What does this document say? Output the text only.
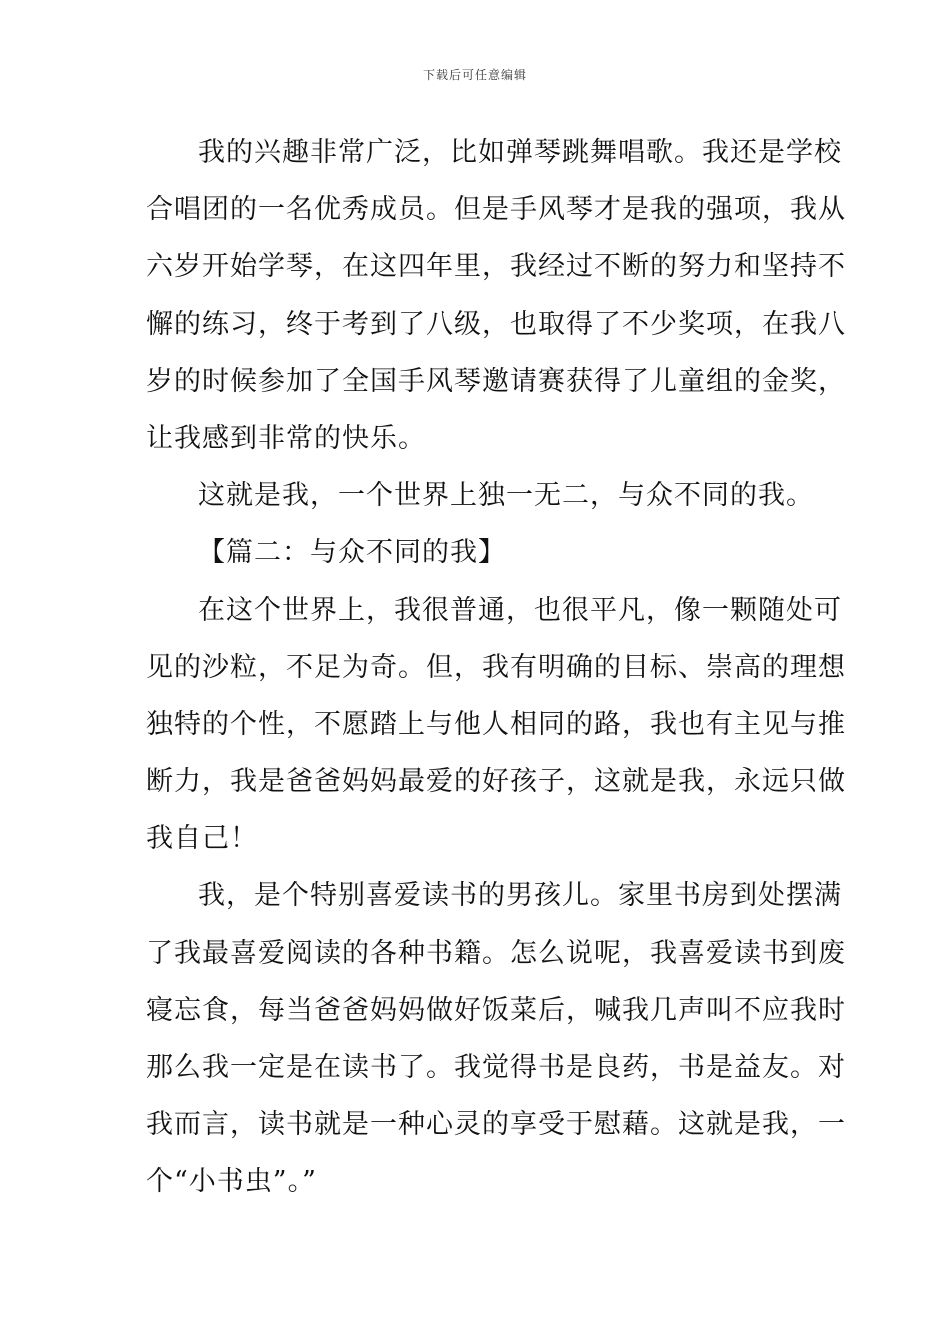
下载后可任意编辑
我的兴趣非常广泛，比如弹琴跳舞唱歌。我还是学校
合唱团的一名优秀成员。但是手风琴才是我的强项，我从
六岁开始学琴，在这四年里，我经过不断的努力和坚持不
懈的练习，终于考到了八级，也取得了不少奖项，在我八
岁的时候参加了全国手风琴邀请赛获得了儿童组的金奖，
让我感到非常的快乐。
这就是我，一个世界上独一无二，与众不同的我。
【篇二：与众不同的我】
在这个世界上，我很普通，也很平凡，像一颗随处可
见的沙粒，不足为奇。但，我有明确的目标、崇高的理想
独特的个性，不愿踏上与他人相同的路，我也有主见与推
断力，我是爸爸妈妈最爱的好孩子，这就是我，永远只做
我自己！
我，是个特别喜爱读书的男孩儿。家里书房到处摆满
了我最喜爱阅读的各种书籍。怎么说呢，我喜爱读书到废
寝忘食，每当爸爸妈妈做好饭菜后，喊我几声叫不应我时
那么我一定是在读书了。我觉得书是良药，书是益友。对
我而言，读书就是一种心灵的享受于慰藉。这就是我，一
个“小书虫”。”
